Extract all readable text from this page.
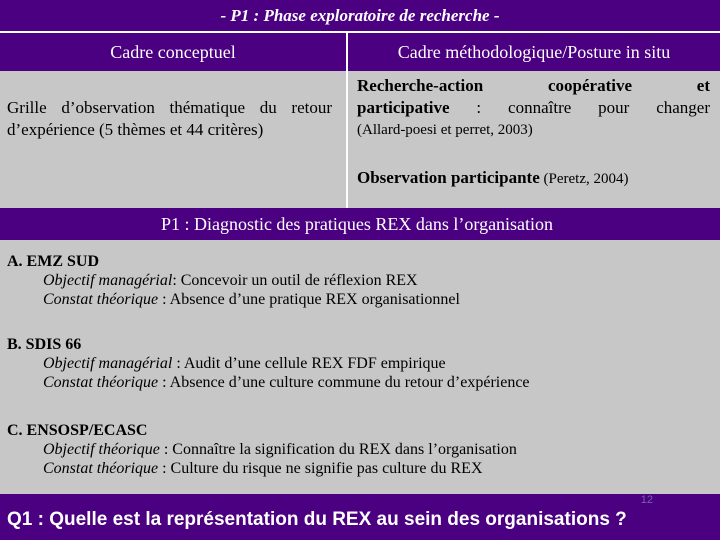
- P1 : Phase exploratoire de recherche -
Cadre conceptuel	Cadre méthodologique/Posture in situ
Grille d’observation thématique du retour d’expérience (5 thèmes et 44 critères)
Recherche-action coopérative et
participative : connaître pour changer
(Allard-poesi et perret, 2003)
Observation participante (Peretz, 2004)
P1 : Diagnostic des pratiques REX dans l’organisation
A. EMZ SUD
Objectif managérial: Concevoir un outil de réflexion REX
Constat théorique : Absence d’une pratique REX organisationnel
B. SDIS 66
Objectif managérial : Audit d’une cellule REX FDF empirique
Constat théorique : Absence d’une culture commune du retour d’expérience
C. ENSOSP/ECASC
Objectif théorique : Connaître la signification du REX dans l’organisation
Constat théorique : Culture du risque ne signifie pas culture du REX
Q1 : Quelle est la représentation du REX au sein des organisations ?
12
